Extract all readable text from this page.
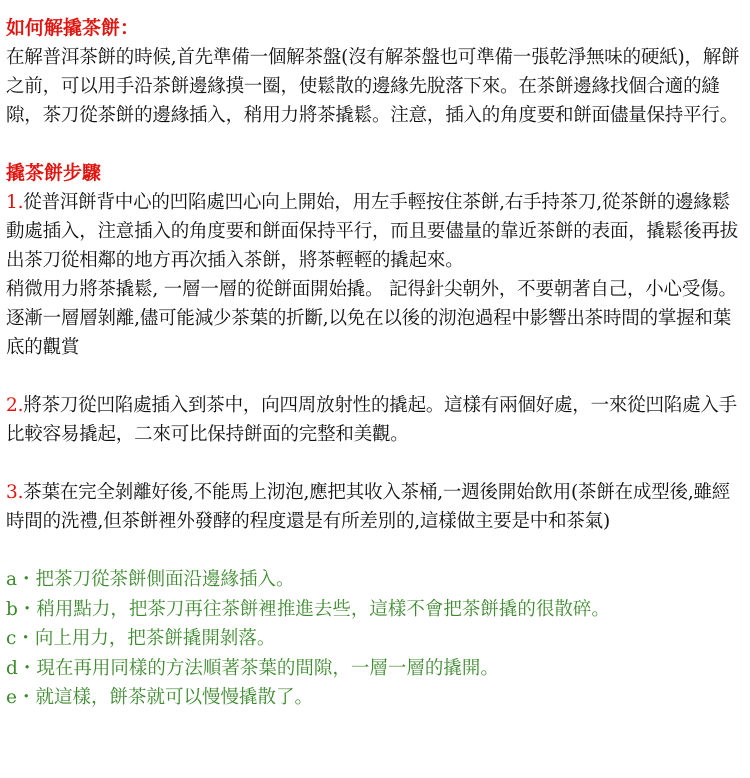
如何解撬茶餅：

在解普洱茶餅的時候,首先準備一個解茶盤(沒有解茶盤也可準備一張乾淨無味的硬紙)，解餅之前，可以用手沿茶餅邊緣摸一圈，使鬆散的邊緣先脫落下來。在茶餅邊緣找個合適的縫隙，茶刀從茶餅的邊緣插入，稍用力將茶撬鬆。注意，插入的角度要和餅面儘量保持平行。

撬茶餅步驟

1.從普洱餅背中心的凹陷處凹心向上開始，用左手輕按住茶餅,右手持茶刀,從茶餅的邊緣鬆動處插入，注意插入的角度要和餅面保持平行，而且要儘量的靠近茶餅的表面，撬鬆後再拔出茶刀從相鄰的地方再次插入茶餅，將茶輕輕的撬起來。

稍微用力將茶撬鬆, 一層一層的從餅面開始撬。 記得針尖朝外，不要朝著自己，小心受傷。逐漸一層層剝離,儘可能減少茶葉的折斷,以免在以後的沏泡過程中影響出茶時間的掌握和葉底的觀賞

2.將茶刀從凹陷處插入到茶中，向四周放射性的撬起。這樣有兩個好處，一來從凹陷處入手比較容易撬起，二來可比保持餅面的完整和美觀。

3.茶葉在完全剝離好後,不能馬上沏泡,應把其收入茶桶,一週後開始飲用(茶餅在成型後,雖經時間的洗禮,但茶餅裡外發酵的程度還是有所差別的,這樣做主要是中和茶氣)

a・把茶刀從茶餅側面沿邊緣插入。
b・稍用點力，把茶刀再往茶餅裡推進去些，這樣不會把茶餅撬的很散碎。
c・向上用力，把茶餅撬開剝落。
d・現在再用同樣的方法順著茶葉的間隙，一層一層的撬開。
e・就這樣，餅茶就可以慢慢撬散了。
